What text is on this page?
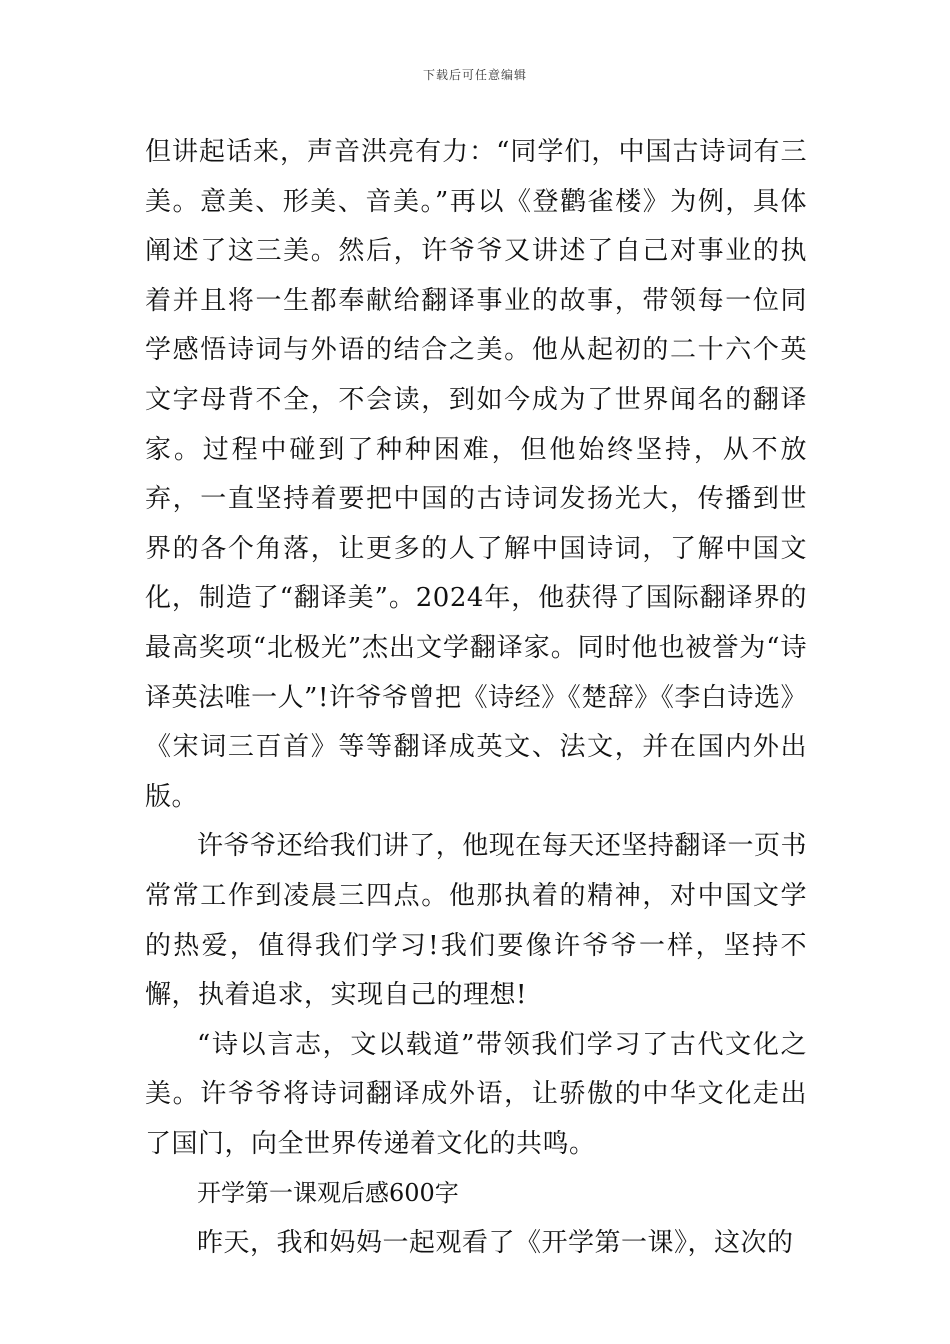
下载后可任意编辑

但讲起话来，声音洪亮有力：“同学们，中国古诗词有三美。意美、形美、音美。”再以《登鹳雀楼》为例，具体阐述了这三美。然后，许爷爷又讲述了自己对事业的执着并且将一生都奉献给翻译事业的故事，带领每一位同学感悟诗词与外语的结合之美。他从起初的二十六个英文字母背不全，不会读，到如今成为了世界闻名的翻译家。过程中碰到了种种困难，但他始终坚持，从不放弃，一直坚持着要把中国的古诗词发扬光大，传播到世界的各个角落，让更多的人了解中国诗词，了解中国文化，制造了“翻译美”。2024年，他获得了国际翻译界的最高奖项“北极光”杰出文学翻译家。同时他也被誉为“诗译英法唯一人”!许爷爷曾把《诗经》《楚辞》《李白诗选》《宋词三百首》等等翻译成英文、法文，并在国内外出版。

许爷爷还给我们讲了，他现在每天还坚持翻译一页书常常工作到凌晨三四点。他那执着的精神，对中国文学的热爱，值得我们学习!我们要像许爷爷一样，坚持不懈，执着追求，实现自己的理想!

“诗以言志，文以载道”带领我们学习了古代文化之美。许爷爷将诗词翻译成外语，让骄傲的中华文化走出了国门，向全世界传递着文化的共鸣。

开学第一课观后感600字

昨天，我和妈妈一起观看了《开学第一课》，这次的
